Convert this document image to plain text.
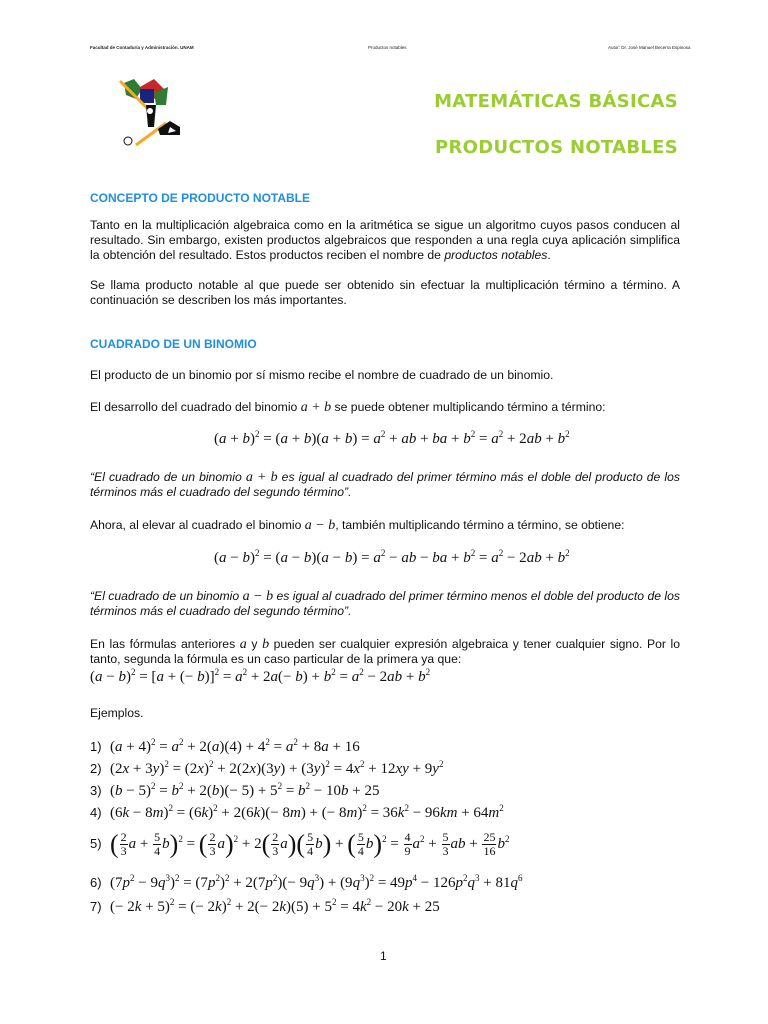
Facultad de Contaduría y Administración. UNAM	Productos notables	Autor: Dr. José Manuel Becerra Espinosa
MATEMÁTICAS BÁSICAS
PRODUCTOS NOTABLES
CONCEPTO DE PRODUCTO NOTABLE
Tanto en la multiplicación algebraica como en la aritmética se sigue un algoritmo cuyos pasos conducen al resultado. Sin embargo, existen productos algebraicos que responden a una regla cuya aplicación simplifica la obtención del resultado. Estos productos reciben el nombre de productos notables.
Se llama producto notable al que puede ser obtenido sin efectuar la multiplicación término a término. A continuación se describen los más importantes.
CUADRADO DE UN BINOMIO
El producto de un binomio por sí mismo recibe el nombre de cuadrado de un binomio.
El desarrollo del cuadrado del binomio a + b se puede obtener multiplicando término a término:
$(a + b)^2 = (a + b)(a + b) = a^2$ + ab + ba + $b^2 = a^2 + 2ab + b^2$
“El cuadrado de un binomio a + b es igual al cuadrado del primer término más el doble del producto de los términos más el cuadrado del segundo término”.
Ahora, al elevar al cuadrado el binomio a − b, también multiplicando término a término, se obtiene:
$(a - b)^2 = (a - b)(a - b) = a^2$ − ab − ba + $b^2 = a^2 - 2ab + b^2$
“El cuadrado de un binomio a − b es igual al cuadrado del primer término menos el doble del producto de los términos más el cuadrado del segundo término”.
En las fórmulas anteriores a y b pueden ser cualquier expresión algebraica y tener cualquier signo. Por lo tanto, segunda la fórmula es un caso particular de la primera ya que:
$(a - b)^2 = [a$ + (− $b)]^2 = a^2 + 2a(- b) + b^2 = a^2 - 2ab + b^2$
Ejemplos.
1) $(a + 4)^2 = a^2 + 2(a)(4) + 4^2 = a^2 + 8a + 16$
2) $(2x + 3y)^2 = (2x)^2 + 2(2x)(3y) + (3y)^2 = 4x^2 + 12xy + 9y^2$
3) $(b - 5)^2 = b^2 + 2(b)(- 5) + 5^2 = b^2 - 10b + 25$
4) $(6k - 8m)^2 = (6k)^2 + 2(6k)(- 8m)$ + (− $8m)^2 = 36k^2 - 96km + 64m^2$
5) ( $\frac{2}{3}$ $a + \frac{5}{4} b)^2$ = ( $\frac{2}{3} a)^2 + 2( \frac{2}{3} a)( \frac{5}{4} b)$ + ( $\frac{5}{4} b)^2 = \frac{4}{9} a^2 + \frac{5}{3}$ ab + $\frac{25}{16} b^2$
6) $(7p^2 - 9q^3)^2 = (7p^2)^2 + 2(7p^2)(- 9q^3) + (9q^3)^2 = 49p^4 - 126p^2q^3 + 81q^6$
7) (− 2k + 5)$^2$ = (− $2k)^2 + 2(- 2k)(5) + 5^2 = 4k^2 - 20k + 25$
1
